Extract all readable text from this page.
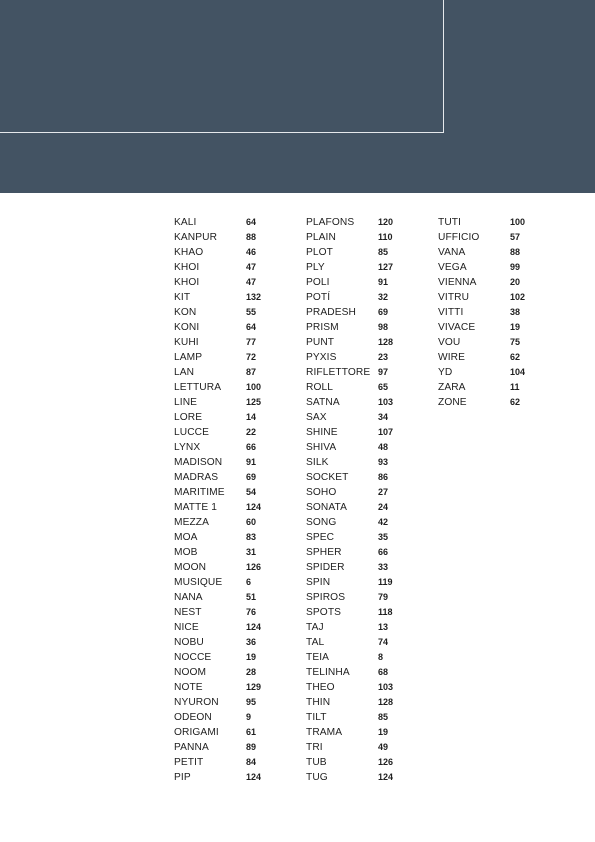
KALI	64
KANPUR	88
KHAO	46
KHOI	47
KHOI	47
KIT	132
KON	55
KONI	64
KUHI	77
LAMP	72
LAN	87
LETTURA	100
LINE	125
LORE	14
LUCCE	22
LYNX	66
MADISON	91
MADRAS	69
MARITIME 54
MATTE 1	124
MEZZA	60
MOA	83
MOB	31
MOON	126
MUSIQUE	6
NANA	51
NEST	76
NICE	124
NOBU	36
NOCCE	19
NOOM	28
NOTE	129
NYURON	95
ODEON	9
ORIGAMI	61
PANNA	89
PETIT	84
PIP	124
PLAFONS	120
PLAIN	110
PLOT	85
PLY	127
POLI	91
POTÍ	32
PRADESH 69
PRISM	98
PUNT	128
PYXIS	23
RIFLETTORE 97
ROLL	65
SATNA	103
SAX	34
SHINE	107
SHIVA	48
SILK	93
SOCKET	86
SOHO	27
SONATA	24
SONG	42
SPEC	35
SPHER	66
SPIDER	33
SPIN	119
SPIROS	79
SPOTS	118
TAJ	13
TAL	74
TEIA	8
TELINHA	68
THEO	103
THIN	128
TILT	85
TRAMA	19
TRI	49
TUB	126
TUG	124
TUTI	100
UFFICIO	57
VANA	88
VEGA	99
VIENNA	20
VITRU	102
VITTI	38
VIVACE	19
VOU	75
WIRE	62
YD	104
ZARA	11
ZONE	62
